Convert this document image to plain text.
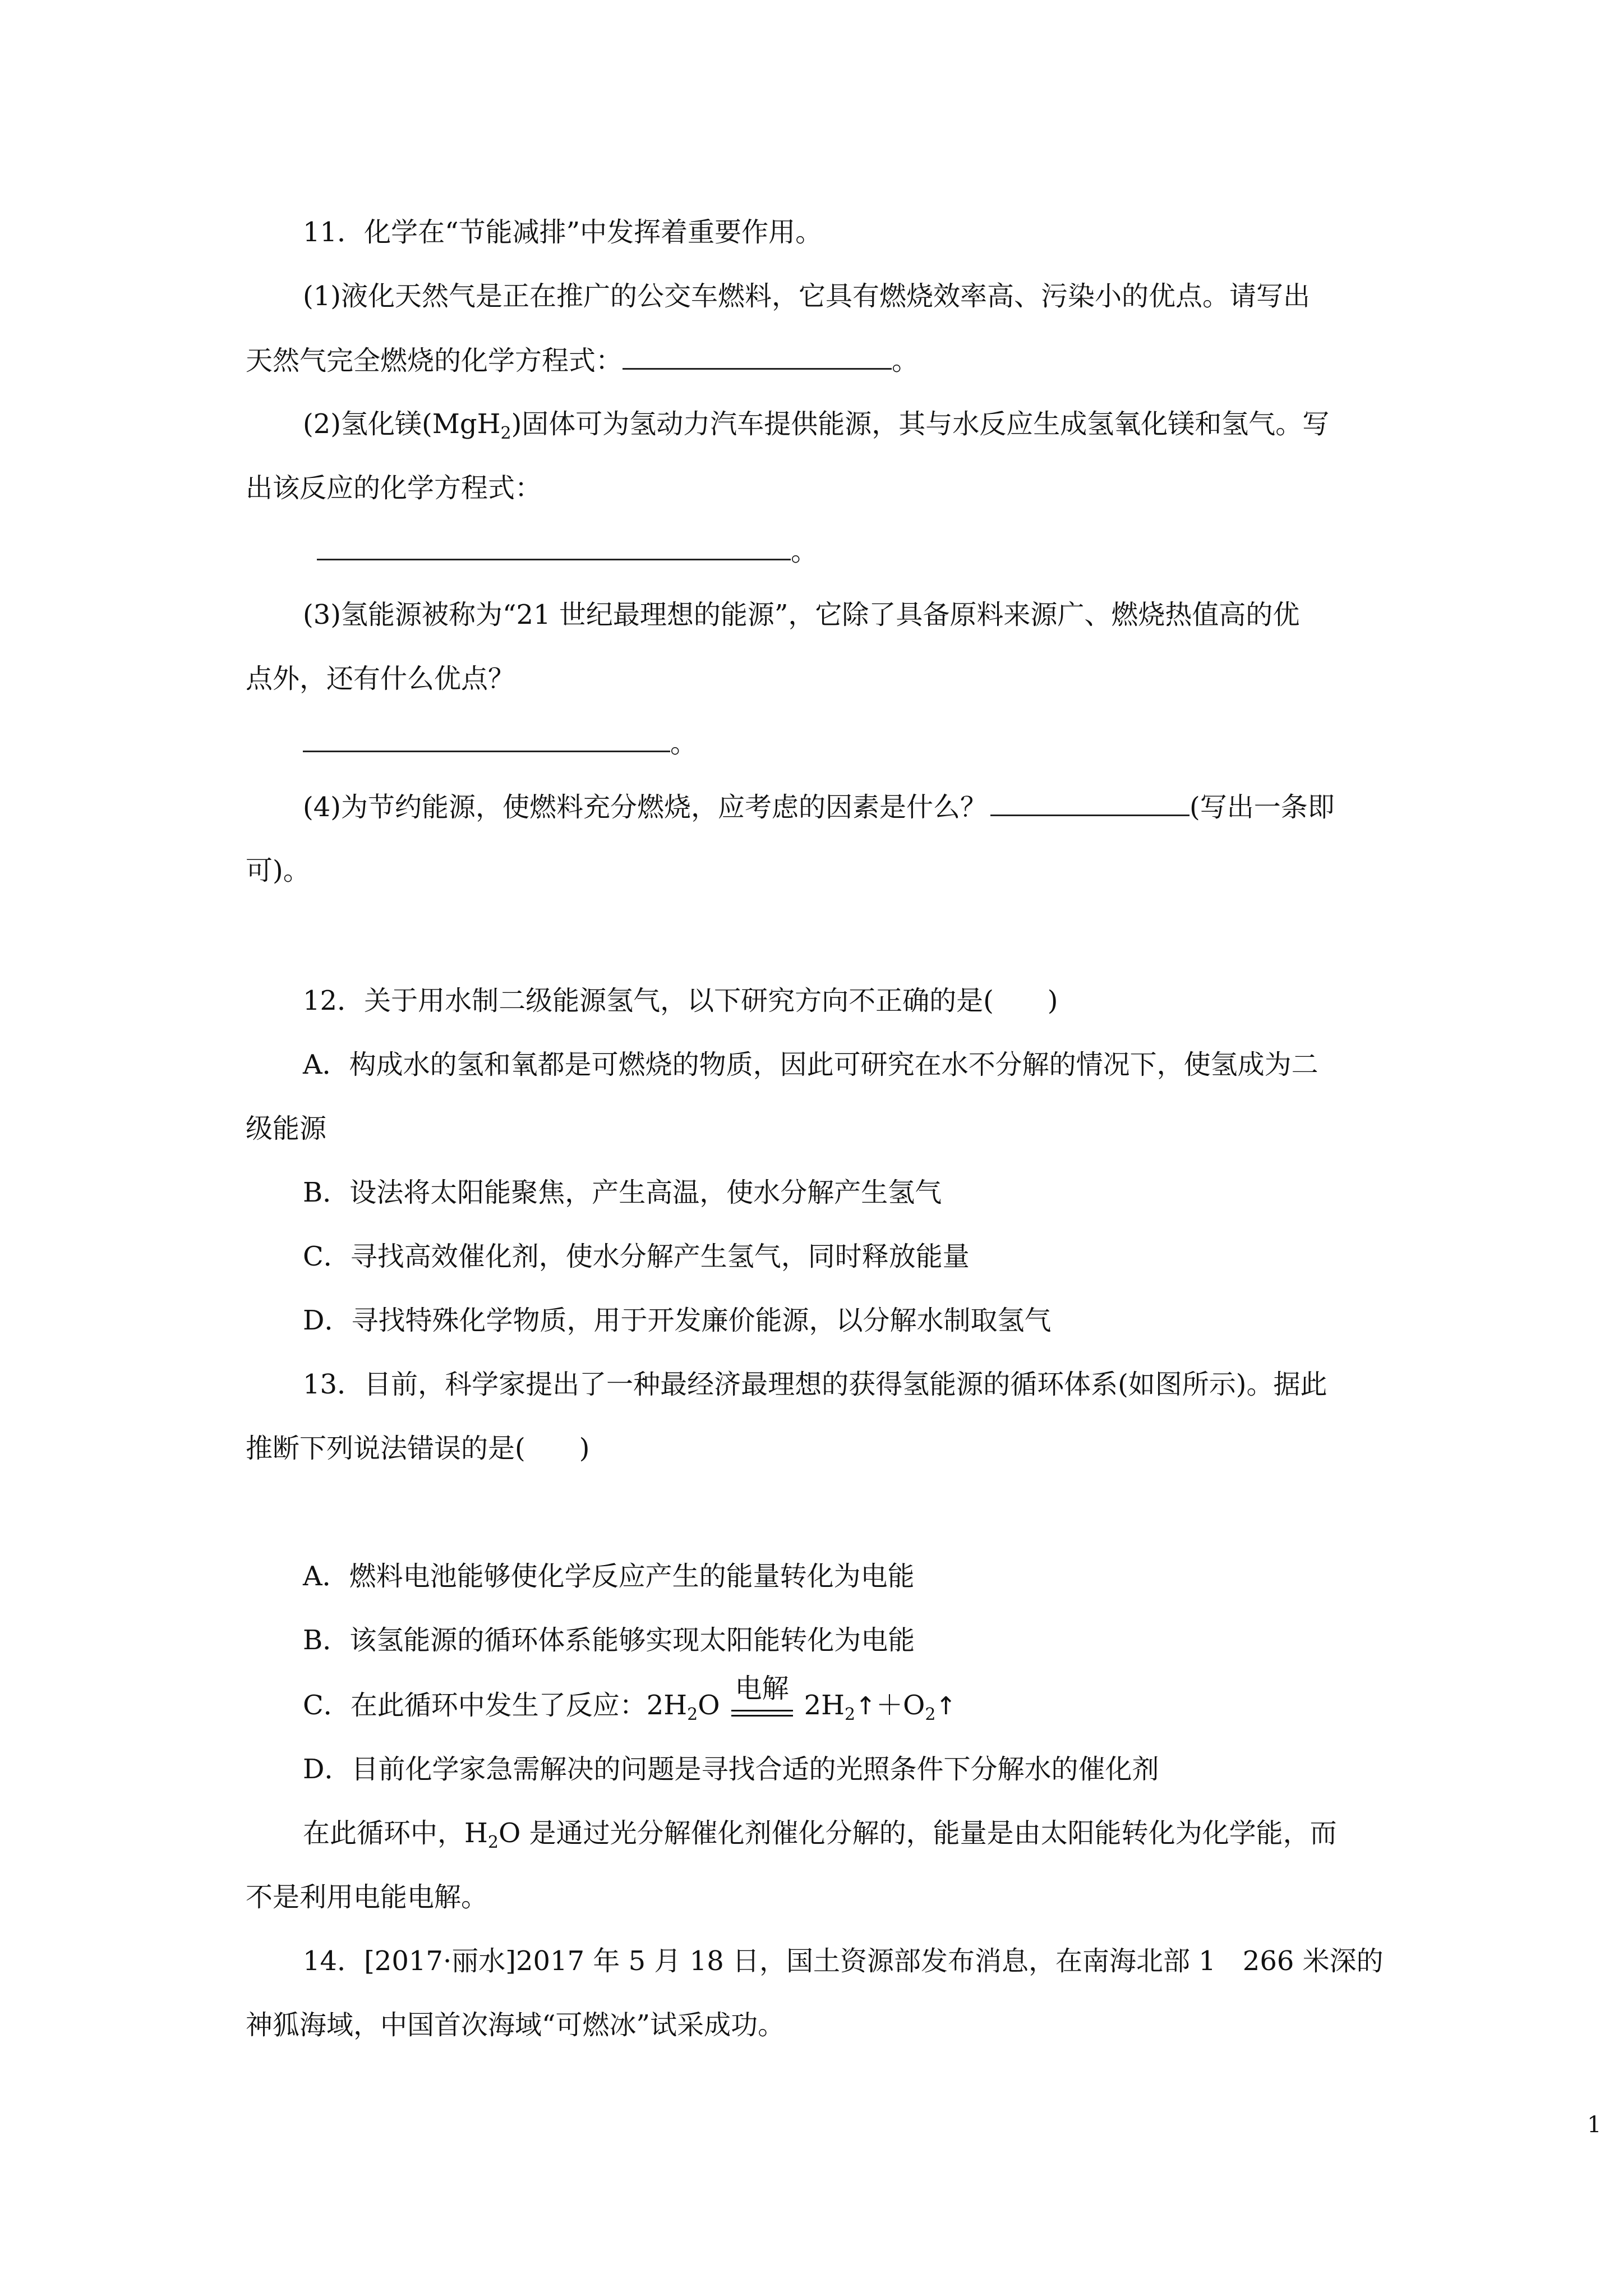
11．化学在“节能减排”中发挥着重要作用。
(1)液化天然气是正在推广的公交车燃料，它具有燃烧效率高、污染小的优点。请写出
天然气完全燃烧的化学方程式：	。
(2)氢化镁(MgH$_2$)固体可为氢动力汽车提供能源，其与水反应生成氢氧化镁和氢气。写
出该反应的化学方程式：
。
(3)氢能源被称为“21 世纪最理想的能源”，它除了具备原料来源广、燃烧热值高的优
点外，还有什么优点？
。
(4)为节约能源，使燃料充分燃烧，应考虑的因素是什么？	(写出一条即
可)。
12．关于用水制二级能源氢气，以下研究方向不正确的是(　　)
A．构成水的氢和氧都是可燃烧的物质，因此可研究在水不分解的情况下，使氢成为二
级能源
B．设法将太阳能聚焦，产生高温，使水分解产生氢气
C．寻找高效催化剂，使水分解产生氢气，同时释放能量
D．寻找特殊化学物质，用于开发廉价能源，以分解水制取氢气
13．目前，科学家提出了一种最经济最理想的获得氢能源的循环体系(如图所示)。据此
推断下列说法错误的是(　　)
A．燃料电池能够使化学反应产生的能量转化为电能
B．该氢能源的循环体系能够实现太阳能转化为电能
C．在此循环中发生了反应：$2H_2O$
电解
$2H_2↑+O_2↑$
D．目前化学家急需解决的问题是寻找合适的光照条件下分解水的催化剂
在此循环中，$H_2O$ 是通过光分解催化剂催化分解的，能量是由太阳能转化为化学能，而
不是利用电能电解。
14．[2017·丽水]2017 年 5 月 18 日，国土资源部发布消息，在南海北部 1　266 米深的
神狐海域，中国首次海域“可燃冰”试采成功。
1
